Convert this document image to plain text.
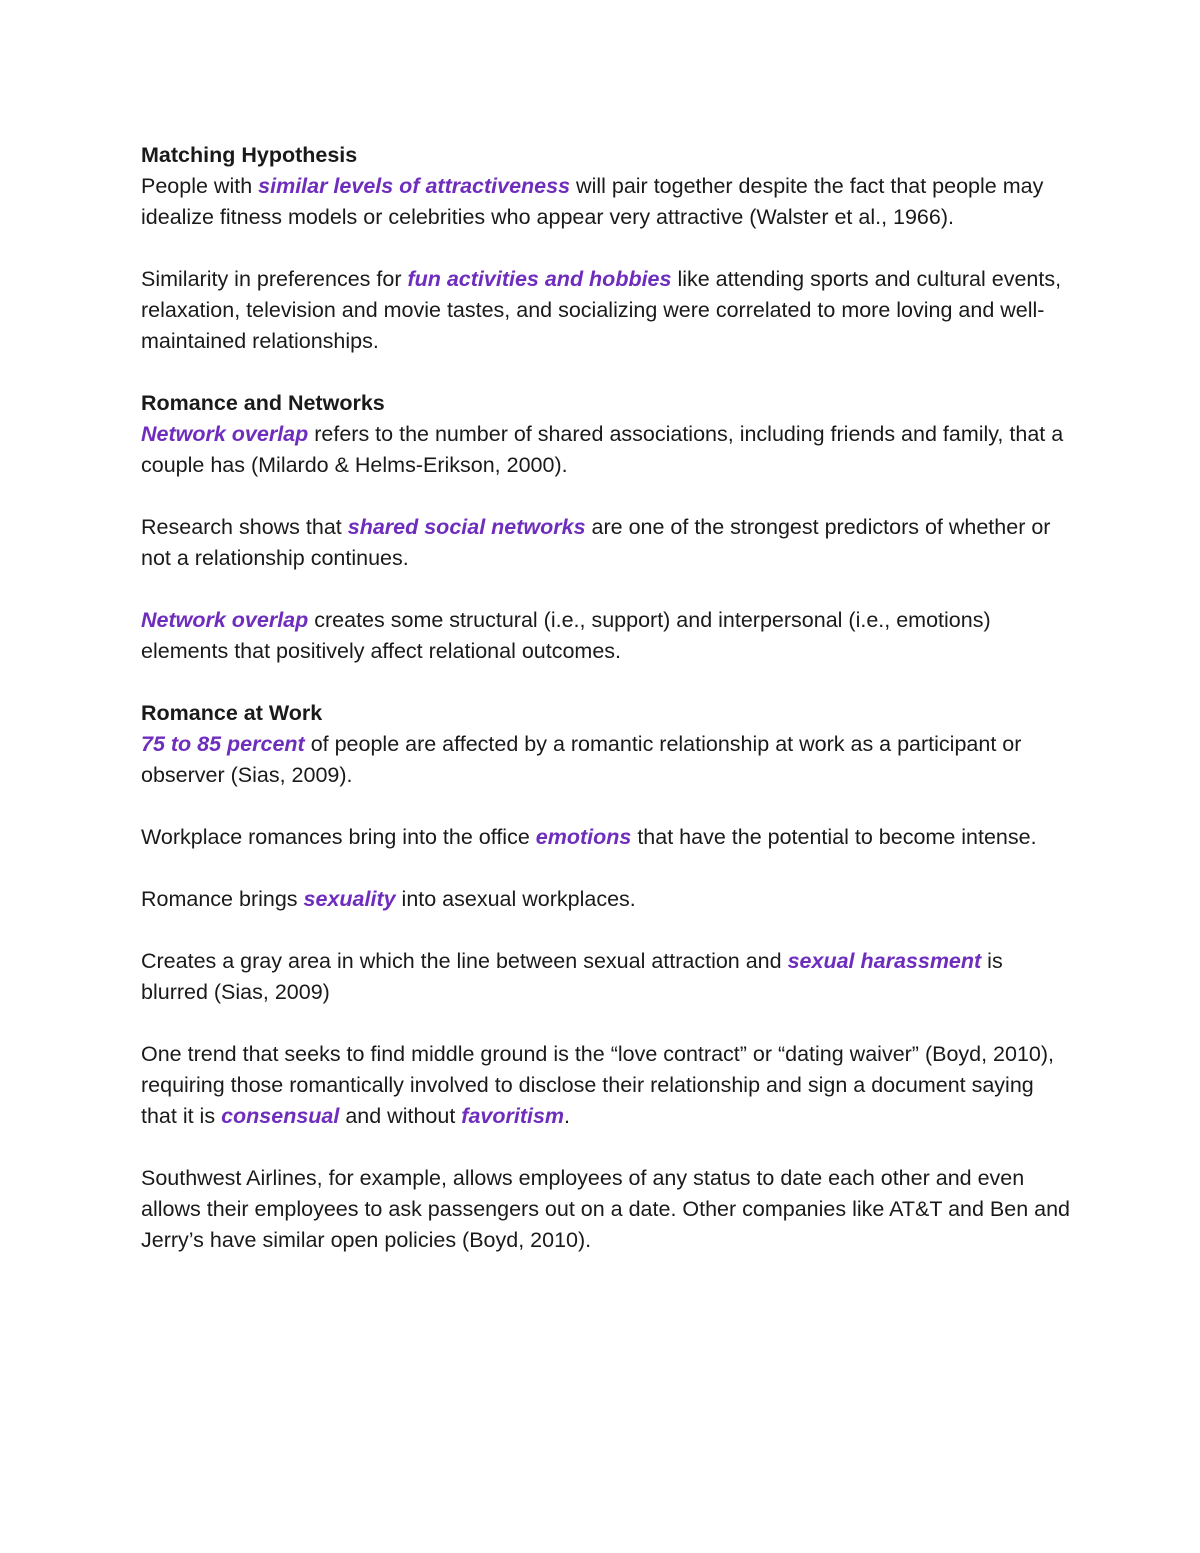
Matching Hypothesis

People with similar levels of attractiveness will pair together despite the fact that people may idealize fitness models or celebrities who appear very attractive (Walster et al., 1966).

Similarity in preferences for fun activities and hobbies like attending sports and cultural events, relaxation, television and movie tastes, and socializing were correlated to more loving and well-maintained relationships.

Romance and Networks

Network overlap refers to the number of shared associations, including friends and family, that a couple has (Milardo & Helms-Erikson, 2000).

Research shows that shared social networks are one of the strongest predictors of whether or not a relationship continues.

Network overlap creates some structural (i.e., support) and interpersonal (i.e., emotions) elements that positively affect relational outcomes.

Romance at Work

75 to 85 percent of people are affected by a romantic relationship at work as a participant or observer (Sias, 2009).

Workplace romances bring into the office emotions that have the potential to become intense.

Romance brings sexuality into asexual workplaces.

Creates a gray area in which the line between sexual attraction and sexual harassment is blurred (Sias, 2009)

One trend that seeks to find middle ground is the “love contract” or “dating waiver” (Boyd, 2010), requiring those romantically involved to disclose their relationship and sign a document saying that it is consensual and without favoritism.

Southwest Airlines, for example, allows employees of any status to date each other and even allows their employees to ask passengers out on a date. Other companies like AT&T and Ben and Jerry’s have similar open policies (Boyd, 2010).
